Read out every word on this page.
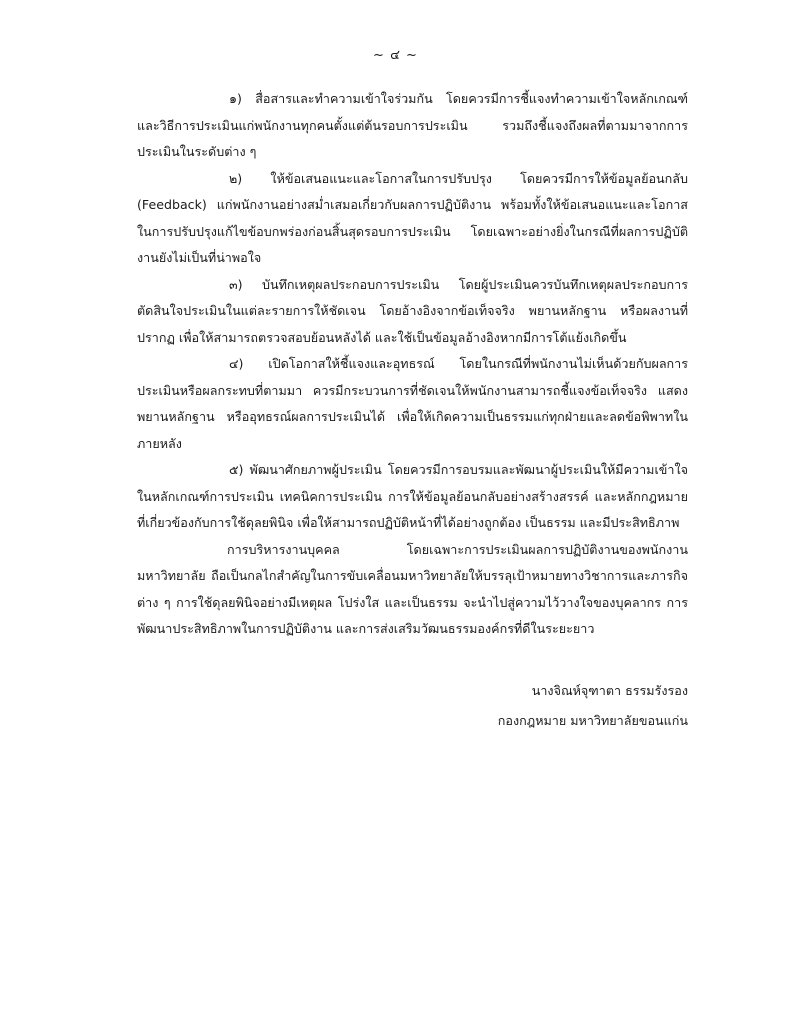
~ ๔ ~

๑) สื่อสารและทำความเข้าใจร่วมกัน โดยควรมีการชี้แจงทำความเข้าใจหลักเกณฑ์และวิธีการประเมินแก่พนักงานทุกคนตั้งแต่ต้นรอบการประเมิน รวมถึงชี้แจงถึงผลที่ตามมาจากการประเมินในระดับต่าง ๆ

๒) ให้ข้อเสนอแนะและโอกาสในการปรับปรุง โดยควรมีการให้ข้อมูลย้อนกลับ (Feedback) แก่พนักงานอย่างสม่ำเสมอเกี่ยวกับผลการปฏิบัติงาน พร้อมทั้งให้ข้อเสนอแนะและโอกาสในการปรับปรุงแก้ไขข้อบกพร่องก่อนสิ้นสุดรอบการประเมิน โดยเฉพาะอย่างยิ่งในกรณีที่ผลการปฏิบัติงานยังไม่เป็นที่น่าพอใจ

๓) บันทึกเหตุผลประกอบการประเมิน โดยผู้ประเมินควรบันทึกเหตุผลประกอบการตัดสินใจประเมินในแต่ละรายการให้ชัดเจน โดยอ้างอิงจากข้อเท็จจริง พยานหลักฐาน หรือผลงานที่ปรากฏ เพื่อให้สามารถตรวจสอบย้อนหลังได้ และใช้เป็นข้อมูลอ้างอิงหากมีการโต้แย้งเกิดขึ้น

๔) เปิดโอกาสให้ชี้แจงและอุทธรณ์ โดยในกรณีที่พนักงานไม่เห็นด้วยกับผลการประเมินหรือผลกระทบที่ตามมา ควรมีกระบวนการที่ชัดเจนให้พนักงานสามารถชี้แจงข้อเท็จจริง แสดงพยานหลักฐาน หรืออุทธรณ์ผลการประเมินได้ เพื่อให้เกิดความเป็นธรรมแก่ทุกฝ่ายและลดข้อพิพาทในภายหลัง

๕) พัฒนาศักยภาพผู้ประเมิน โดยควรมีการอบรมและพัฒนาผู้ประเมินให้มีความเข้าใจในหลักเกณฑ์การประเมิน เทคนิคการประเมิน การให้ข้อมูลย้อนกลับอย่างสร้างสรรค์ และหลักกฎหมายที่เกี่ยวข้องกับการใช้ดุลยพินิจ เพื่อให้สามารถปฏิบัติหน้าที่ได้อย่างถูกต้อง เป็นธรรม และมีประสิทธิภาพ

การบริหารงานบุคคล โดยเฉพาะการประเมินผลการปฏิบัติงานของพนักงานมหาวิทยาลัย ถือเป็นกลไกสำคัญในการขับเคลื่อนมหาวิทยาลัยให้บรรลุเป้าหมายทางวิชาการและภารกิจต่าง ๆ การใช้ดุลยพินิจอย่างมีเหตุผล โปร่งใส และเป็นธรรม จะนำไปสู่ความไว้วางใจของบุคลากร การพัฒนาประสิทธิภาพในการปฏิบัติงาน และการส่งเสริมวัฒนธรรมองค์กรที่ดีในระยะยาว

นางจิณห์จุฑาตา ธรรมรังรอง
กองกฎหมาย มหาวิทยาลัยขอนแก่น
